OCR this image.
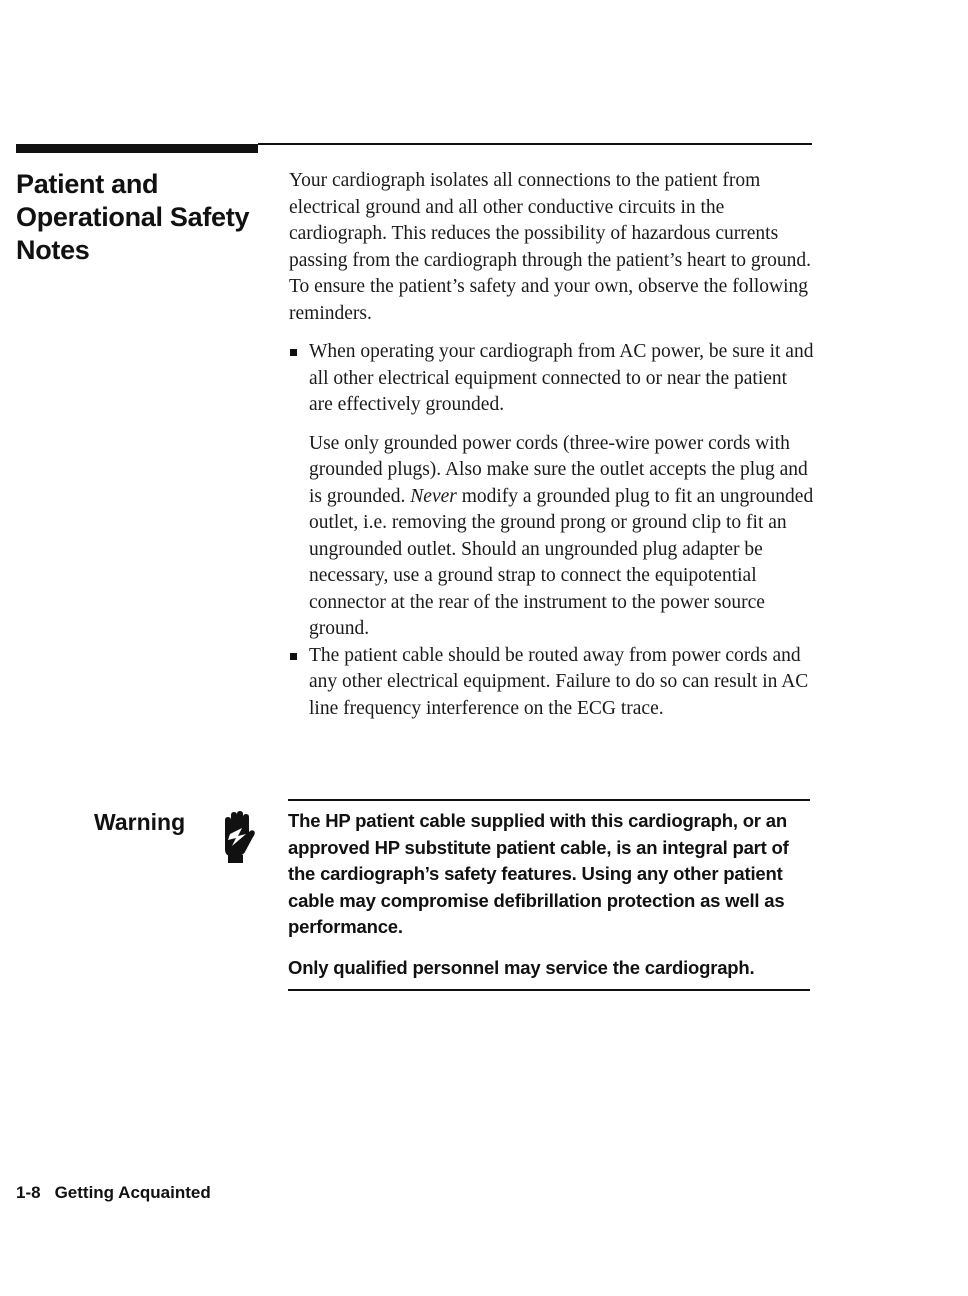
Patient and
Operational Safety
Notes

Your cardiograph isolates all connections to the patient from electrical ground and all other conductive circuits in the cardiograph. This reduces the possibility of hazardous currents passing from the cardiograph through the patient’s heart to ground. To ensure the patient’s safety and your own, observe the following reminders.

When operating your cardiograph from AC power, be sure it and all other electrical equipment connected to or near the patient are effectively grounded.

Use only grounded power cords (three-wire power cords with grounded plugs). Also make sure the outlet accepts the plug and is grounded. Never modify a grounded plug to fit an ungrounded outlet, i.e. removing the ground prong or ground clip to fit an ungrounded outlet. Should an ungrounded plug adapter be necessary, use a ground strap to connect the equipotential connector at the rear of the instrument to the power source ground.

The patient cable should be routed away from power cords and any other electrical equipment. Failure to do so can result in AC line frequency interference on the ECG trace.
Warning	The HP patient cable supplied with this cardiograph, or an approved HP substitute patient cable, is an integral part of the cardiograph’s safety features. Using any other patient cable may compromise defibrillation protection as well as performance.

Only qualified personnel may service the cardiograph.

1-8 Getting Acquainted
